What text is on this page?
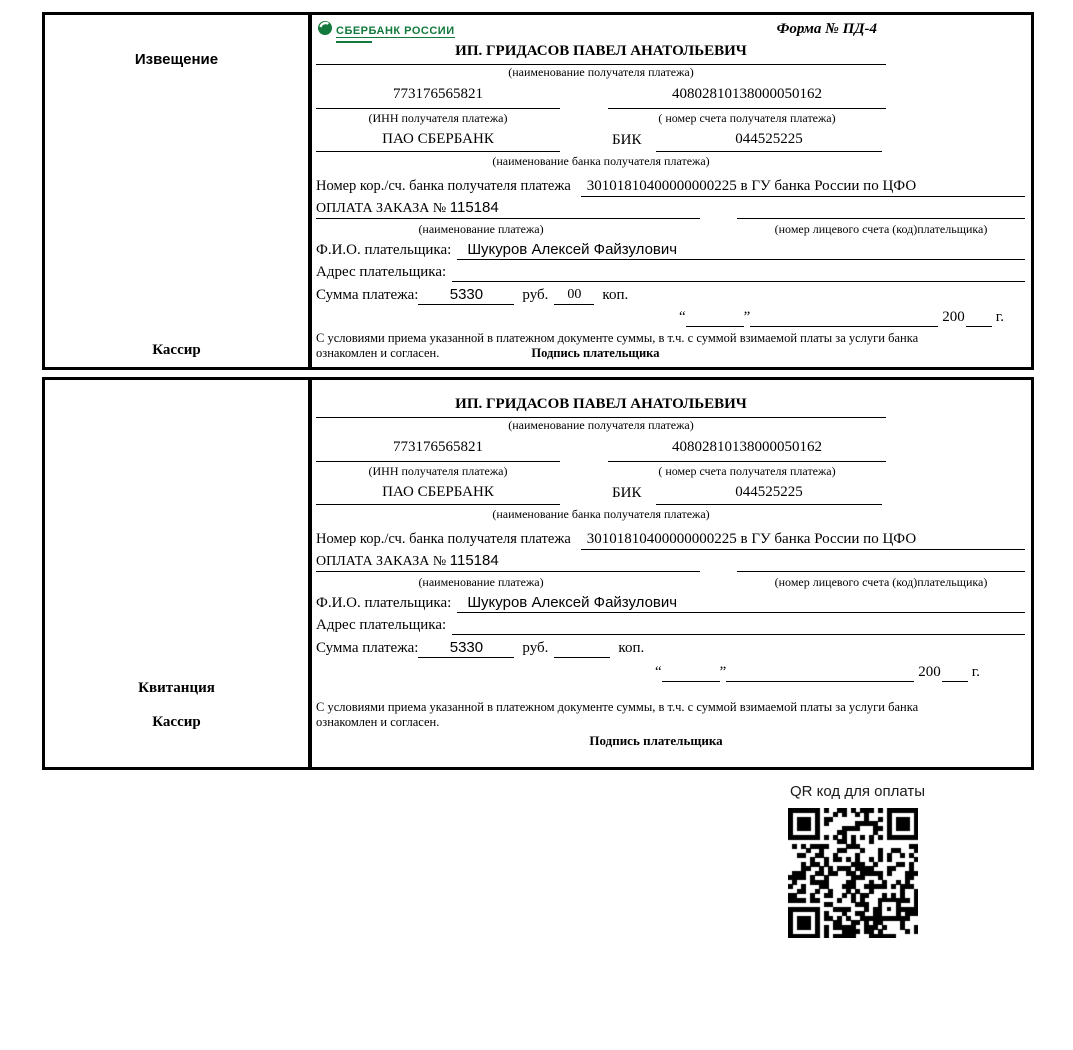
Извещение
Кассир
СБЕРБАНК РОССИИ	Форма № ПД-4
ИП. ГРИДАСОВ ПАВЕЛ АНАТОЛЬЕВИЧ
(наименование получателя платежа)
773176565821	40802810138000050162
(ИНН получателя платежа)	( номер счета получателя платежа)
ПАО СБЕРБАНК	БИК	044525225
(наименование банка получателя платежа)
Номер кор./сч. банка получателя платежа	30101810400000000225 в ГУ банка России по ЦФО
ОПЛАТА ЗАКАЗА № 115184
(наименование платежа)	(номер лицевого счета (код)плательщика)
Ф.И.О. плательщика:	Шукуров Алексей Файзулович
Адрес плательщика:
Сумма платежа:	5330	руб.	00	коп.
“	”	200 г.
С условиями приема указанной в платежном документе суммы, в т.ч. с суммой взимаемой платы за услуги банка
ознакомлен и согласен.	Подпись плательщика
Квитанция
Кассир
ИП. ГРИДАСОВ ПАВЕЛ АНАТОЛЬЕВИЧ
(наименование получателя платежа)
773176565821	40802810138000050162
(ИНН получателя платежа)	( номер счета получателя платежа)
ПАО СБЕРБАНК	БИК	044525225
(наименование банка получателя платежа)
Номер кор./сч. банка получателя платежа	30101810400000000225 в ГУ банка России по ЦФО
ОПЛАТА ЗАКАЗА № 115184
(наименование платежа)	(номер лицевого счета (код)плательщика)
Ф.И.О. плательщика:	Шукуров Алексей Файзулович
Адрес плательщика:
Сумма платежа:	5330	руб.	коп.
“	”	200 г.
С условиями приема указанной в платежном документе суммы, в т.ч. с суммой взимаемой платы за услуги банка
ознакомлен и согласен.
Подпись плательщика
QR код для оплаты
